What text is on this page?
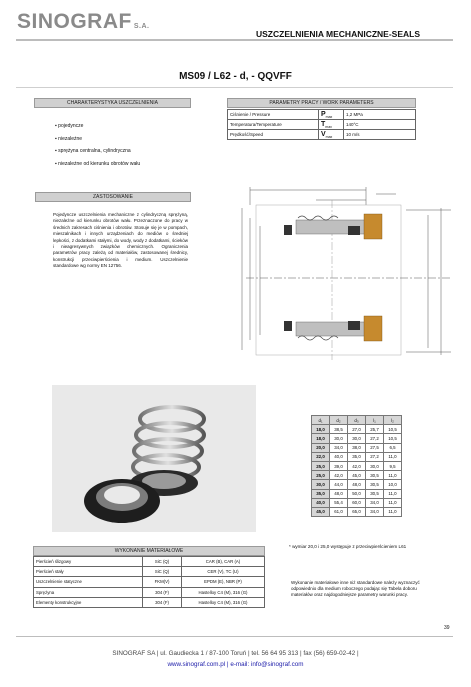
SINOGRAF S.A.
USZCZELNIENIA MECHANICZNE-SEALS
MS09 / L62 - d, - QQVFF
CHARAKTERYSTYKA USZCZELNIENIA
▪ pojedyncze
▪ niezależne
▪ sprężyna centralna, cylindryczna
▪ niezależne od kierunku obrotów wału
PARAMETRY PRACY / WORK PARAMETERS
Ciśnienie / Pressure	$P_{max}$	1,2 MPa
Temperatura/Temperature	$T_{max}$	140°C
Prędkość/Speed	$V_{max}$	10 m/s
ZASTOSOWANIE
Pojedyncze uszczelnienia mechaniczne z cylindryczną sprężyną, niezależne od kierunku obrotów wału. Przeznaczone do pracy w średnich zakresach ciśnienia i obrotów. Stosuje się je w pompach, mieszalnikach i innych urządzeniach do mediów o średniej lepkości, z dodatkami stałymi, do wody, wody z dodatkami, ścieków i nieagresywnych związków chemicznych. Ograniczenia parametrów pracy zależą od materiałów, zastosowanej średnicy, konstrukcji przeciwpierścienia i medium. Uszczelnienie standardowe wg normy EN 12756.
d₁	d₂	d₃	l₁	l₂
18,0	38,5	27,0	25,7	10,5
18,0	30,0	30,0	27,2	10,5
20,0	34,0	38,0	27,5	6,5
22,0	40,0	35,0	27,2	11,0
25,0	39,0	42,0	30,0	9,5
25,0	42,0	45,0	30,5	11,0
30,0	44,0	48,0	30,5	10,0
35,0	48,0	50,0	30,5	11,0
40,0	55,4	60,0	34,0	11,0
45,0	61,0	65,0	34,0	11,0
* wymiar 20,0 i 25,0 występuje z przeciwpierścieniem L61
WYKONANIE MATERIAŁOWE
Pierścień ślizgowy	SiC (Q)	CAR (B), CAR (A)
Pierścień stały	SiC (Q)	CER (V), TC (U)
Uszczelnienie statyczne	FKM(V)	EPDM (E), NBR (P)
Sprężyna	304 (F)	Hastelloy C4 (M), 316 (G)
Elementy konstrukcyjne	304 (F)	Hastelloy C4 (M), 316 (G)
Wykonanie materiałowe inne niż standardowe należy wyznaczyć odpowiednio dla medium roboczego podając się Tabela doboru materiałów oraz najdogodniejsze parametry warunki pracy.
39
SINOGRAF SA | ul. Gaudiecka 1 / 87-100 Toruń | tel. 56 64 95 313 | fax (56) 659-02-42 |
www.sinograf.com.pl | e-mail: info@sinograf.com
